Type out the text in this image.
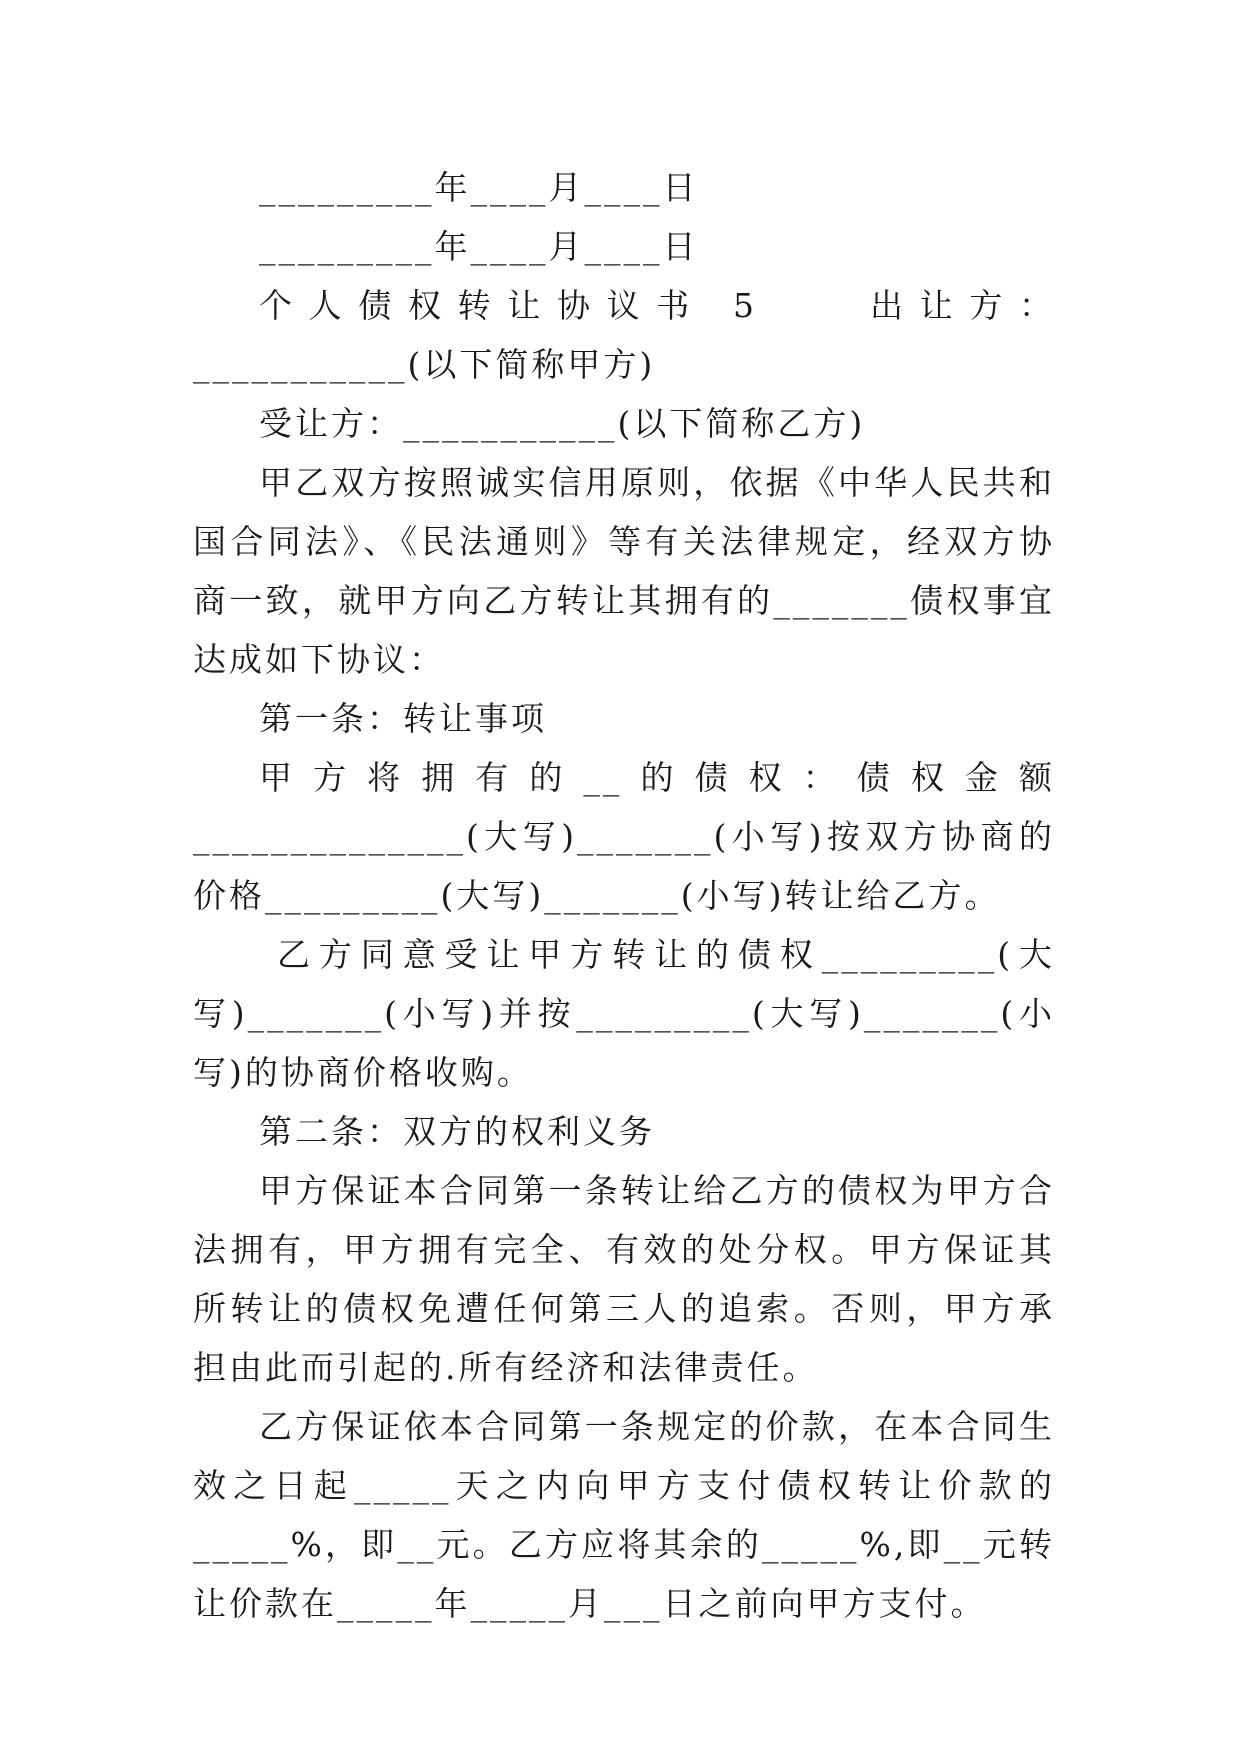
_________年____月____日
_________年____月____日

个人债权转让协议书 5　　出让方：___________(以下简称甲方)

受让方：___________(以下简称乙方)

甲乙双方按照诚实信用原则，依据《中华人民共和国合同法》、《民法通则》等有关法律规定，经双方协商一致，就甲方向乙方转让其拥有的_______债权事宜达成如下协议：

第一条：转让事项

甲方将拥有的__的债权：债权金额______________(大写)_______(小写)按双方协商的价格_________(大写)_______(小写)转让给乙方。

乙方同意受让甲方转让的债权_________(大写)_______(小写)并按_________(大写)_______(小写)的协商价格收购。

第二条：双方的权利义务

甲方保证本合同第一条转让给乙方的债权为甲方合法拥有，甲方拥有完全、有效的处分权。甲方保证其所转让的债权免遭任何第三人的追索。否则，甲方承担由此而引起的.所有经济和法律责任。

乙方保证依本合同第一条规定的价款，在本合同生效之日起_____天之内向甲方支付债权转让价款的_____%，即__元。乙方应将其余的_____%,即__元转让价款在_____年_____月___日之前向甲方支付。
